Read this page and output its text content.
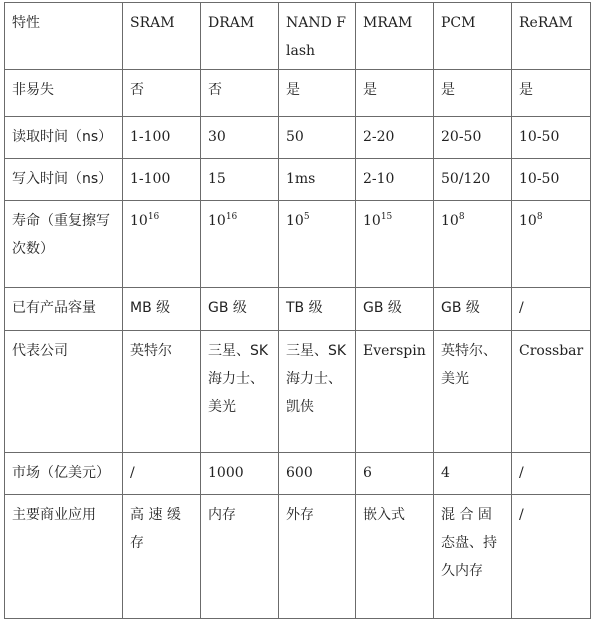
特性	SRAM	DRAM	NAND Flash	MRAM	PCM	ReRAM
非易失	否	否	是	是	是	是
读取时间（ns）	1-100	30	50	2-20	20-50	10-50
写入时间（ns）	1-100	15	1ms	2-10	50/120	10-50
寿命（重复擦写次数）	$10^{16}$	$10^{16}$	$10^5$	$10^{15}$	$10^8$	$10^8$
已有产品容量	MB 级	GB 级	TB 级	GB 级	GB 级	/
代表公司	英特尔	三星、SK 海力士、美光	三星、SK 海力士、凯侠	Everspin	英特尔、美光	Crossbar
市场（亿美元）	/	1000	600	6	4	/
主要商业应用	高 速 缓 存	内存	外存	嵌入式	混 合 固 态盘、持 久内存	/
